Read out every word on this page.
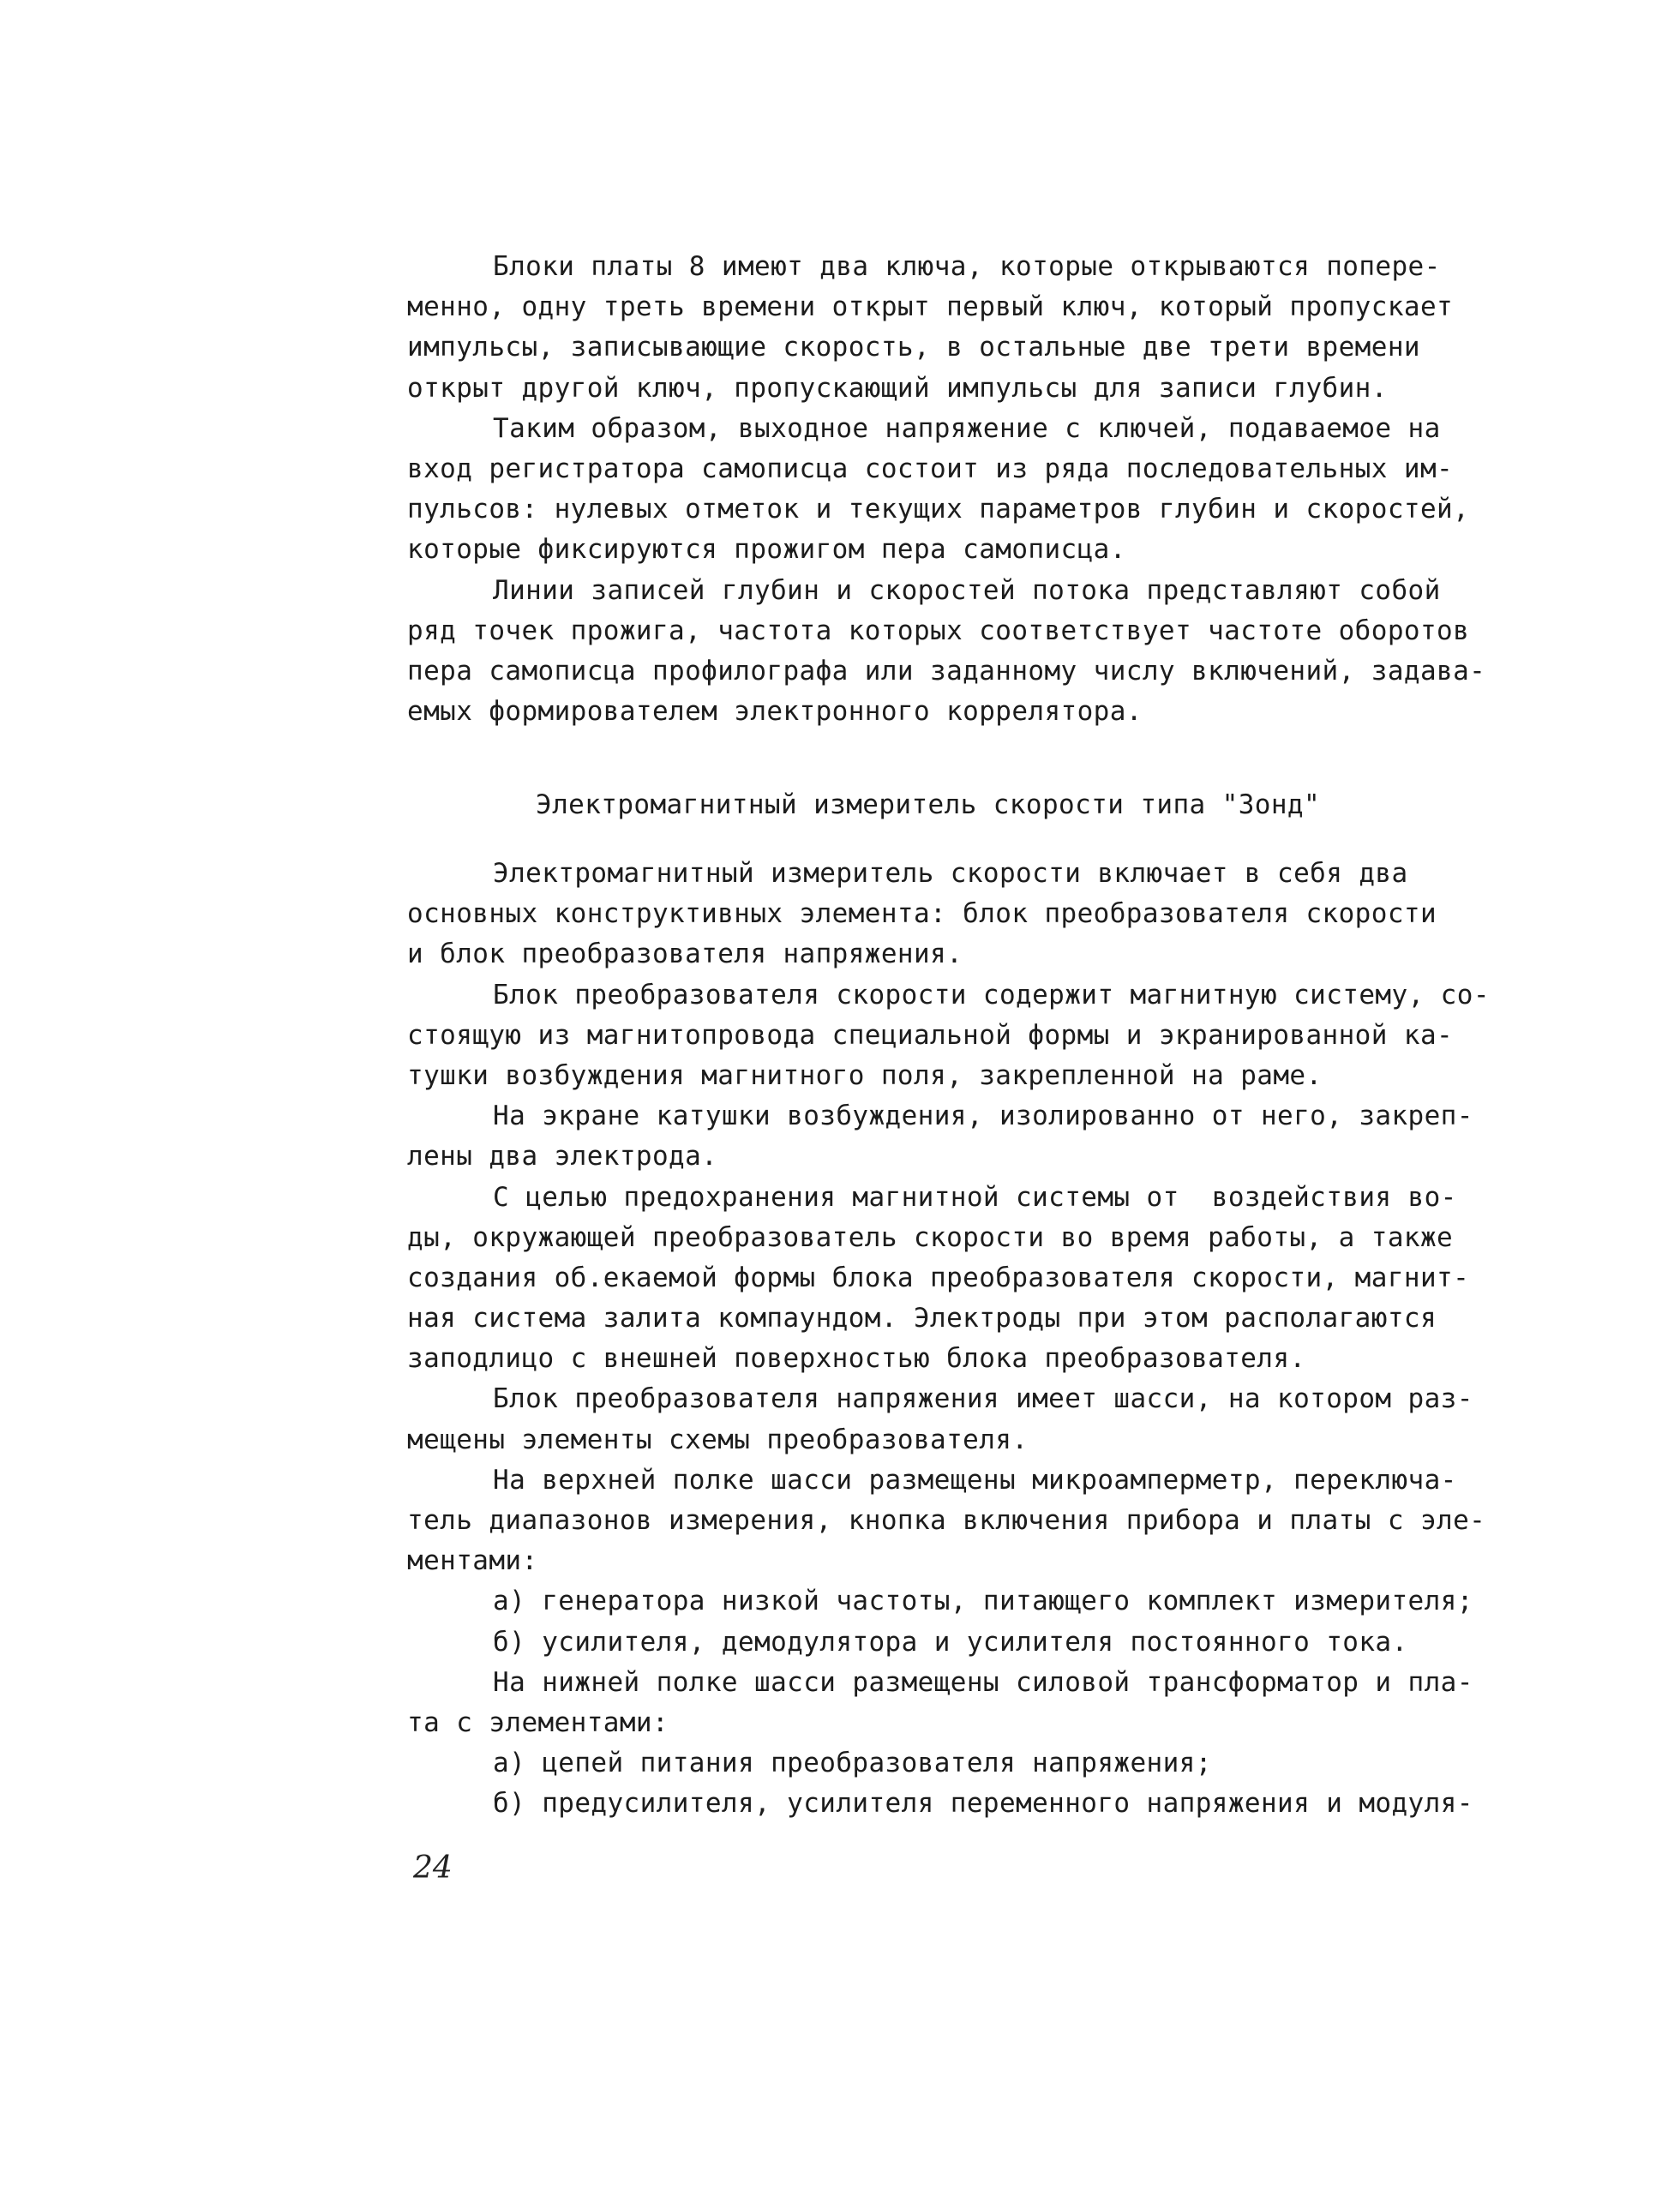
Блоки платы 8 имеют два ключа, которые открываются попере-
менно, одну треть времени открыт первый ключ, который пропускает
импульсы, записывающие скорость, в остальные две трети времени
открыт другой ключ, пропускающий импульсы для записи глубин.
Таким образом, выходное напряжение с ключей, подаваемое на
вход регистратора самописца состоит из ряда последовательных им-
пульсов: нулевых отметок и текущих параметров глубин и скоростей,
которые фиксируются прожигом пера самописца.
Линии записей глубин и скоростей потока представляют собой
ряд точек прожига, частота которых соответствует частоте оборотов
пера самописца профилографа или заданному числу включений, задава-
емых формирователем электронного коррелятора.
Электромагнитный измеритель скорости типа "Зонд"
Электромагнитный измеритель скорости включает в себя два
основных конструктивных элемента: блок преобразователя скорости
и блок преобразователя напряжения.
Блок преобразователя скорости содержит магнитную систему, со-
стоящую из магнитопровода специальной формы и экранированной ка-
тушки возбуждения магнитного поля, закрепленной на раме.
На экране катушки возбуждения, изолированно от него, закреп-
лены два электрода.
С целью предохранения магнитной системы от  воздействия во-
ды, окружающей преобразователь скорости во время работы, а также
создания об.екаемой формы блока преобразователя скорости, магнит-
ная система залита компаундом. Электроды при этом располагаются
заподлицо с внешней поверхностью блока преобразователя.
Блок преобразователя напряжения имеет шасси, на котором раз-
мещены элементы схемы преобразователя.
На верхней полке шасси размещены микроамперметр, переключа-
тель диапазонов измерения, кнопка включения прибора и платы с эле-
ментами:
а) генератора низкой частоты, питающего комплект измерителя;
б) усилителя, демодулятора и усилителя постоянного тока.
На нижней полке шасси размещены силовой трансформатор и пла-
та с элементами:
а) цепей питания преобразователя напряжения;
б) предусилителя, усилителя переменного напряжения и модуля-
24
